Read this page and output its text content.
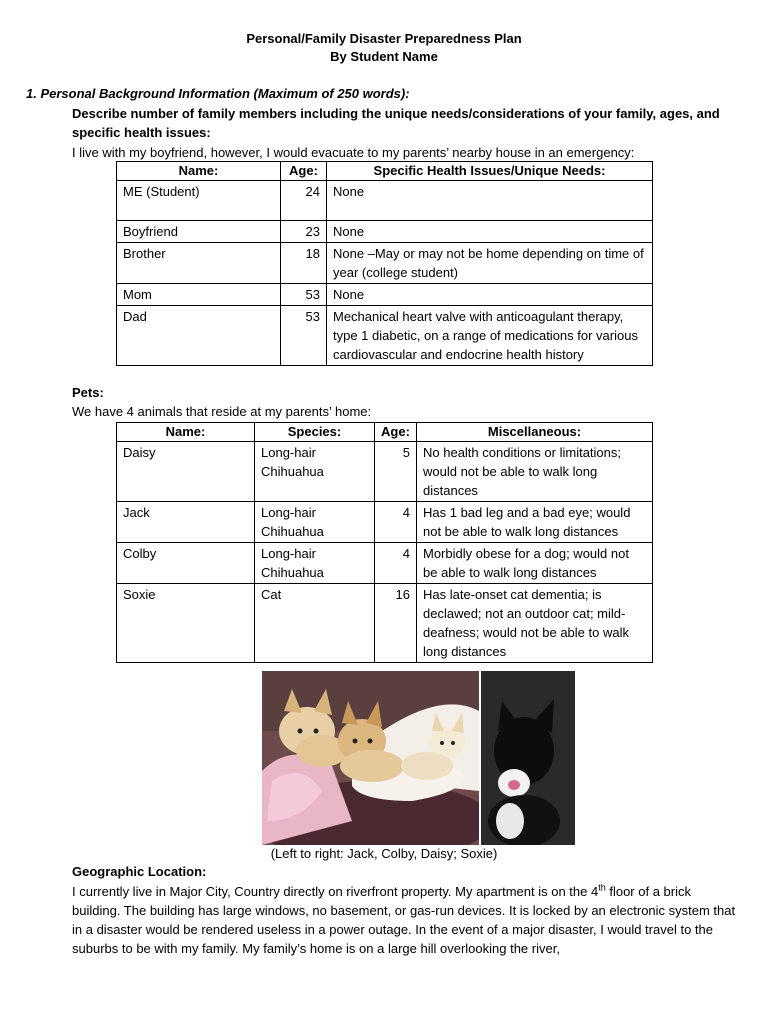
Personal/Family Disaster Preparedness Plan
By Student Name
1. Personal Background Information (Maximum of 250 words):
Describe number of family members including the unique needs/considerations of your family, ages, and specific health issues:
I live with my boyfriend, however, I would evacuate to my parents’ nearby house in an emergency:
Name:	Age:	Specific Health Issues/Unique Needs:
ME (Student)	24	None
Boyfriend	23	None
Brother	18	None –May or may not be home depending on time of year (college student)
Mom	53	None
Dad	53	Mechanical heart valve with anticoagulant therapy, type 1 diabetic, on a range of medications for various cardiovascular and endocrine health history
Pets:
We have 4 animals that reside at my parents’ home:
Name:	Species:	Age:	Miscellaneous:
Daisy	Long-hair Chihuahua	5	No health conditions or limitations; would not be able to walk long distances
Jack	Long-hair Chihuahua	4	Has 1 bad leg and a bad eye; would not be able to walk long distances
Colby	Long-hair Chihuahua	4	Morbidly obese for a dog; would not be able to walk long distances
Soxie	Cat	16	Has late-onset cat dementia; is declawed; not an outdoor cat; mild-deafness; would not be able to walk long distances
(Left to right: Jack, Colby, Daisy; Soxie)
Geographic Location:
I currently live in Major City, Country directly on riverfront property. My apartment is on the 4th floor of a brick building. The building has large windows, no basement, or gas-run devices. It is locked by an electronic system that in a disaster would be rendered useless in a power outage. In the event of a major disaster, I would travel to the suburbs to be with my family. My family’s home is on a large hill overlooking the river,
